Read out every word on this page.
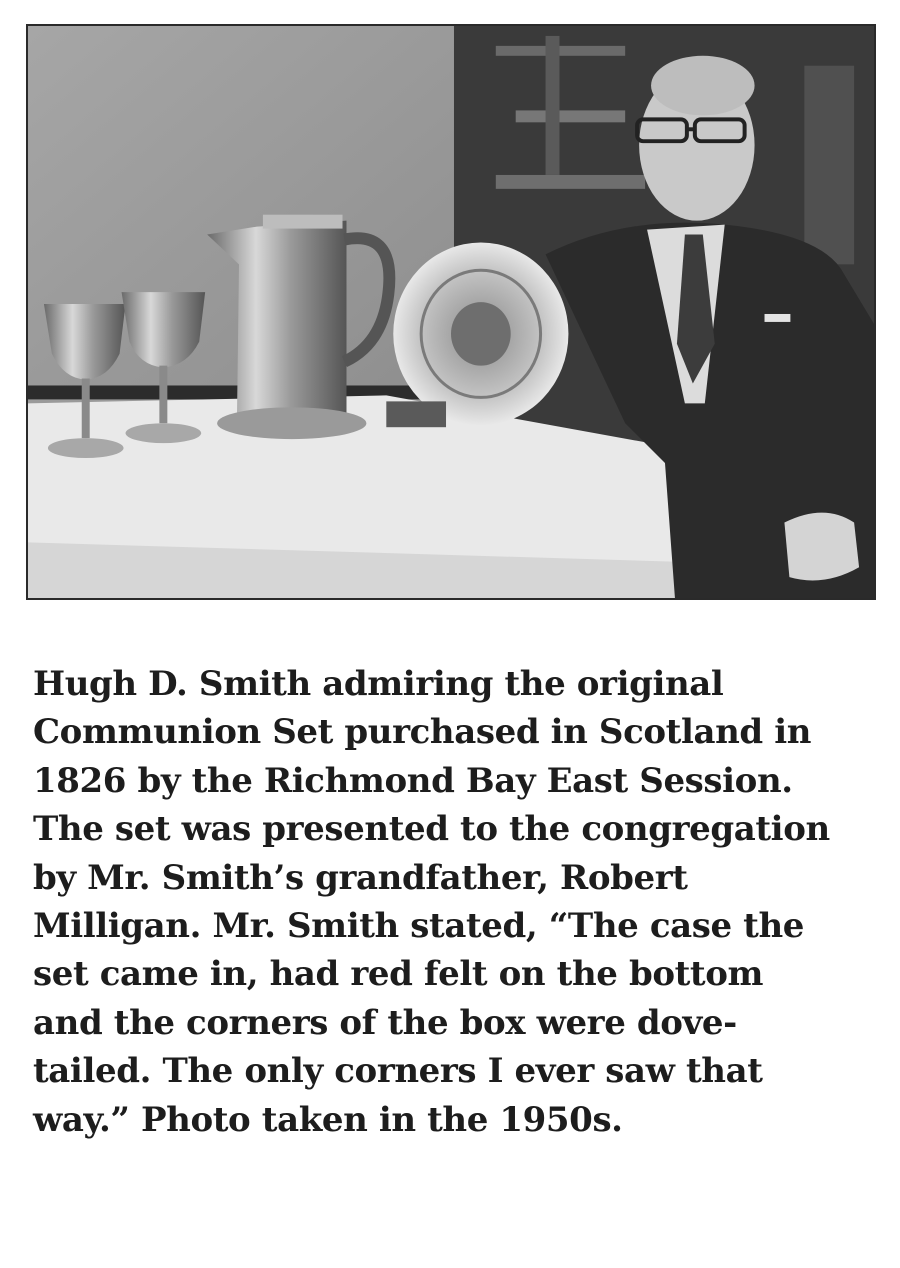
Hugh D. Smith admiring the original
Communion Set purchased in Scotland in
1826 by the Richmond Bay East Session.
The set was presented to the congregation
by Mr. Smith’s grandfather, Robert
Milligan. Mr. Smith stated, “The case the
set came in, had red felt on the bottom
and the corners of the box were dove-
tailed. The only corners I ever saw that
way.” Photo taken in the 1950s.
